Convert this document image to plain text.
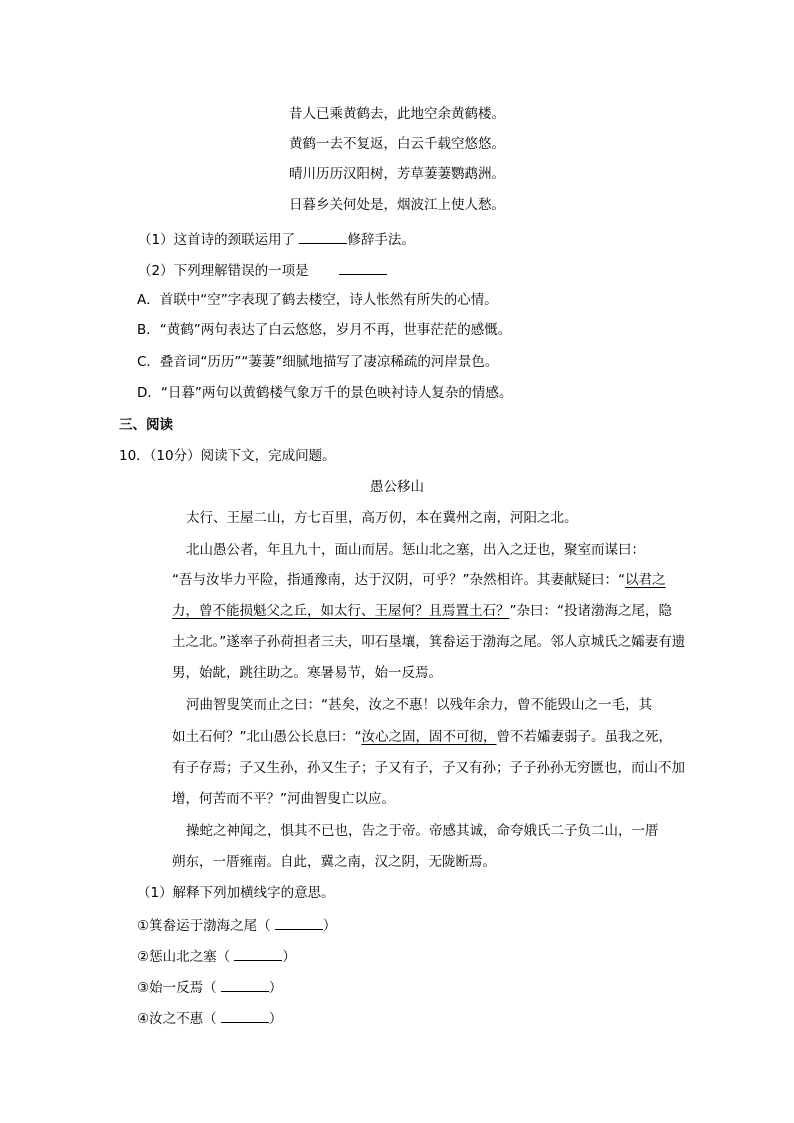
昔人已乘黄鹤去，此地空余黄鹤楼。
黄鹤一去不复返，白云千载空悠悠。
晴川历历汉阳树，芳草萋萋鹦鹉洲。
日暮乡关何处是，烟波江上使人愁。
（1）这首诗的颈联运用了	修辞手法。
（2）下列理解错误的一项是
A．首联中“空”字表现了鹤去楼空，诗人怅然有所失的心情。
B．“黄鹤”两句表达了白云悠悠，岁月不再，世事茫茫的感慨。
C．叠音词“历历”“萋萋”细腻地描写了凄凉稀疏的河岸景色。
D．“日暮”两句以黄鹤楼气象万千的景色映衬诗人复杂的情感。
三、阅读
10．（10分）阅读下文，完成问题。
愚公移山
太行、王屋二山，方七百里，高万仞，本在冀州之南，河阳之北。
北山愚公者，年且九十，面山而居。惩山北之塞，出入之迂也，聚室而谋曰：
“吾与汝毕力平险，指通豫南，达于汉阴，可乎？”杂然相许。其妻献疑曰：“以君之
力，曾不能损魁父之丘，如太行、王屋何？且焉置土石？”杂曰：“投诸渤海之尾，隐
土之北。”遂率子孙荷担者三夫，叩石垦壤，箕畚运于渤海之尾。邻人京城氏之孀妻有遗
男，始龀，跳往助之。寒暑易节，始一反焉。
河曲智叟笑而止之曰：“甚矣，汝之不惠！以残年余力，曾不能毁山之一毛，其
如土石何？”北山愚公长息曰：“汝心之固，固不可彻，曾不若孀妻弱子。虽我之死，
有子存焉；子又生孙，孙又生子；子又有子，子又有孙；子子孙孙无穷匮也，而山不加
增，何苦而不平？”河曲智叟亡以应。
操蛇之神闻之，惧其不已也，告之于帝。帝感其诚，命夸娥氏二子负二山，一厝
朔东，一厝雍南。自此，冀之南，汉之阴，无陇断焉。
（1）解释下列加横线字的意思。
①箕畚运于渤海之尾（	）
②惩山北之塞（	）
③始一反焉（	）
④汝之不惠（	）
